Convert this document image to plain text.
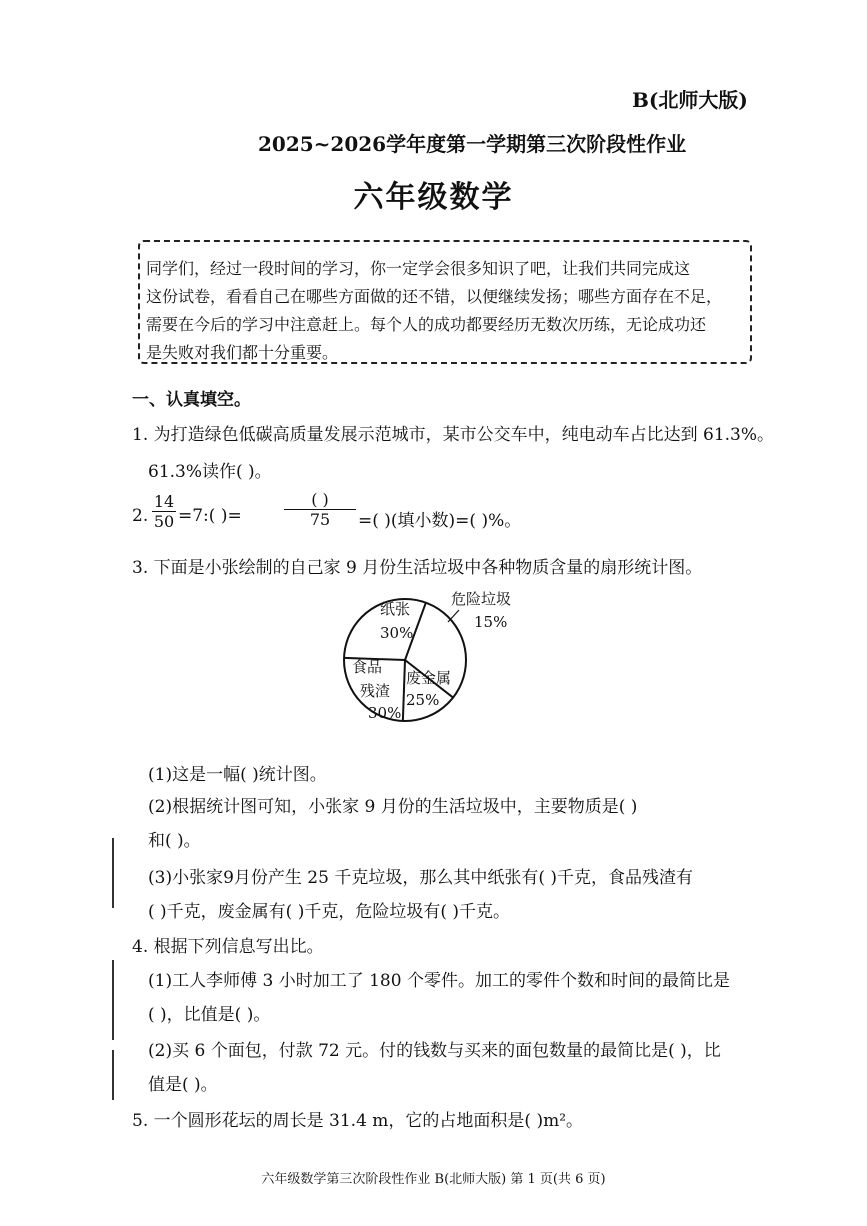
B(北师大版)
2025~2026学年度第一学期第三次阶段性作业
六年级数学
同学们，经过一段时间的学习，你一定学会很多知识了吧，让我们共同完成这
这份试卷，看看自己在哪些方面做的还不错，以便继续发扬；哪些方面存在不足，
需要在今后的学习中注意赶上。每个人的成功都要经历无数次历练，无论成功还
是失败对我们都十分重要。
一、认真填空。
1. 为打造绿色低碳高质量发展示范城市，某市公交车中，纯电动车占比达到 61.3%。
61.3%读作( )。
2.
14
50 =7:( )=
( )
75	=( )(填小数)=( )%。
3. 下面是小张绘制的自己家 9 月份生活垃圾中各种物质含量的扇形统计图。
纸张
30%
危险垃圾
15%
废金属
25%
食品
残渣
30%
(1)这是一幅( )统计图。
(2)根据统计图可知，小张家 9 月份的生活垃圾中，主要物质是( )
和( )。
(3)小张家9月份产生 25 千克垃圾，那么其中纸张有( )千克，食品残渣有
( )千克，废金属有( )千克，危险垃圾有( )千克。
4. 根据下列信息写出比。
(1)工人李师傅 3 小时加工了 180 个零件。加工的零件个数和时间的最简比是
( )，比值是( )。
(2)买 6 个面包，付款 72 元。付的钱数与买来的面包数量的最简比是( )，比
值是( )。
5. 一个圆形花坛的周长是 31.4 m，它的占地面积是( )m²。
六年级数学第三次阶段性作业 B(北师大版) 第 1 页(共 6 页)
